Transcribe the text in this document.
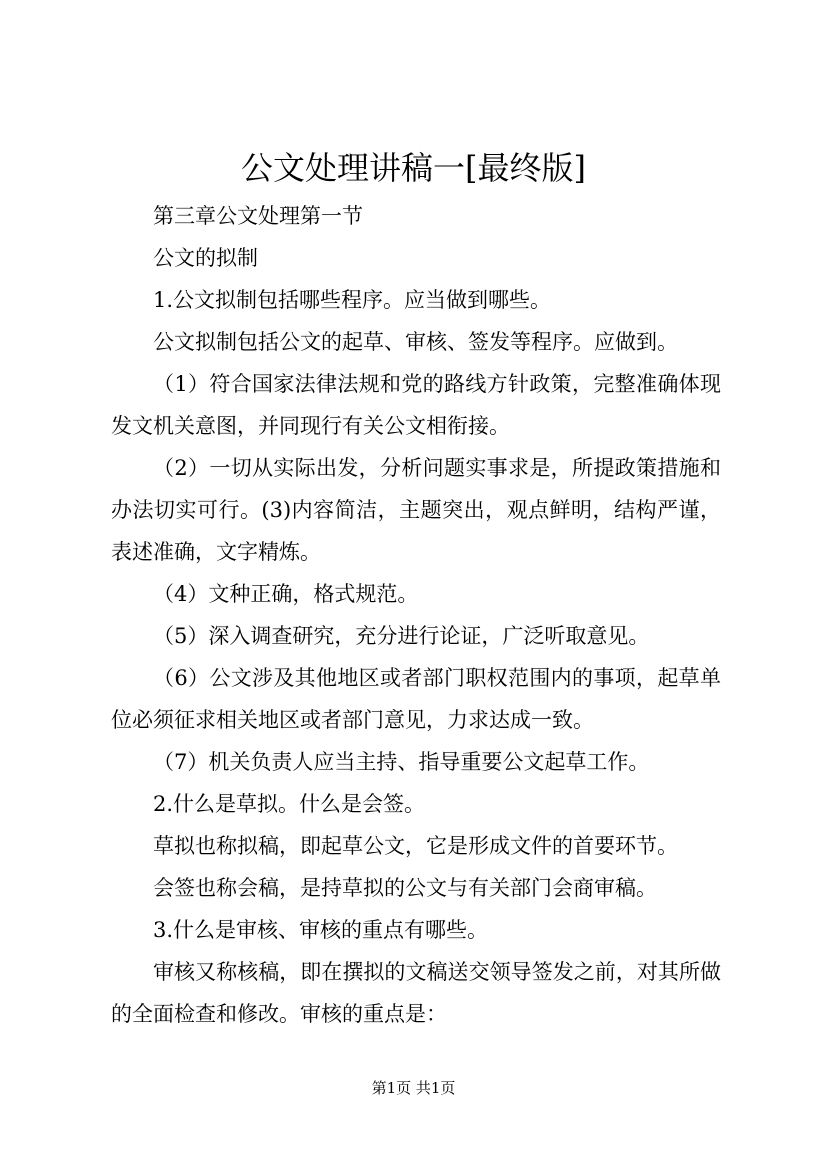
公文处理讲稿一[最终版]

第三章公文处理第一节

公文的拟制

1.公文拟制包括哪些程序。应当做到哪些。

公文拟制包括公文的起草、审核、签发等程序。应做到。

（1）符合国家法律法规和党的路线方针政策，完整准确体现发文机关意图，并同现行有关公文相衔接。

（2）一切从实际出发，分析问题实事求是，所提政策措施和办法切实可行。(3)内容简洁，主题突出，观点鲜明，结构严谨，表述准确，文字精炼。

（4）文种正确，格式规范。

（5）深入调查研究，充分进行论证，广泛听取意见。

（6）公文涉及其他地区或者部门职权范围内的事项，起草单位必须征求相关地区或者部门意见，力求达成一致。

（7）机关负责人应当主持、指导重要公文起草工作。

2.什么是草拟。什么是会签。

草拟也称拟稿，即起草公文，它是形成文件的首要环节。

会签也称会稿，是持草拟的公文与有关部门会商审稿。

3.什么是审核、审核的重点有哪些。

审核又称核稿，即在撰拟的文稿送交领导签发之前，对其所做的全面检查和修改。审核的重点是：

第1页 共1页
